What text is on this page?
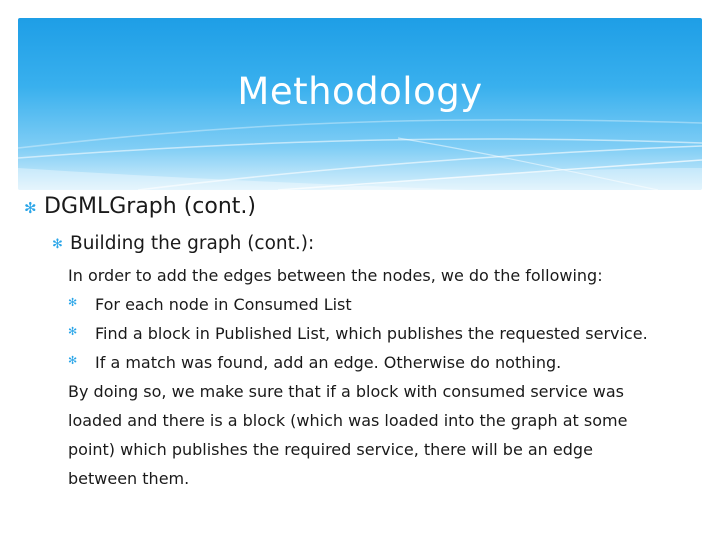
Methodology
✻ DGMLGraph (cont.)
✻ Building the graph (cont.):
In order to add the edges between the nodes, we do the following:
✻ For each node in Consumed List
✻ Find a block in Published List, which publishes the requested service.
✻ If a match was found, add an edge. Otherwise do nothing.
By doing so, we make sure that if a block with consumed service was
loaded and there is a block (which was loaded into the graph at some
point) which publishes the required service, there will be an edge
between them.
